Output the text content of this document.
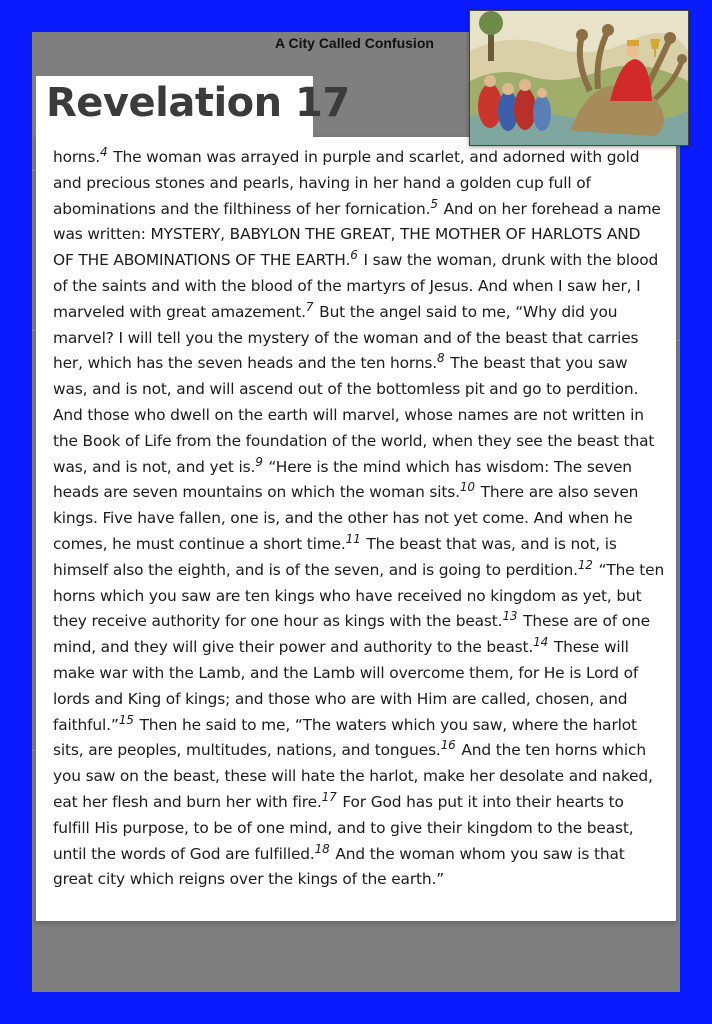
A City Called Confusion
Revelation 17

horns.$^4$ The woman was arrayed in purple and scarlet, and adorned with gold and precious stones and pearls, having in her hand a golden cup full of abominations and the filthiness of her fornication.$^5$ And on her forehead a name was written: MYSTERY, BABYLON THE GREAT, THE MOTHER OF HARLOTS AND OF THE ABOMINATIONS OF THE EARTH.$^6$ I saw the woman, drunk with the blood of the saints and with the blood of the martyrs of Jesus. And when I saw her, I marveled with great amazement.$^7$ But the angel said to me, “Why did you marvel? I will tell you the mystery of the woman and of the beast that carries her, which has the seven heads and the ten horns.$^8$ The beast that you saw was, and is not, and will ascend out of the bottomless pit and go to perdition. And those who dwell on the earth will marvel, whose names are not written in the Book of Life from the foundation of the world, when they see the beast that was, and is not, and yet is.$^9$ “Here is the mind which has wisdom: The seven heads are seven mountains on which the woman sits.$^{10}$ There are also seven kings. Five have fallen, one is, and the other has not yet come. And when he comes, he must continue a short time.$^{11}$ The beast that was, and is not, is himself also the eighth, and is of the seven, and is going to perdition.$^{12}$ “The ten horns which you saw are ten kings who have received no kingdom as yet, but they receive authority for one hour as kings with the beast.$^{13}$ These are of one mind, and they will give their power and authority to the beast.$^{14}$ These will make war with the Lamb, and the Lamb will overcome them, for He is Lord of lords and King of kings; and those who are with Him are called, chosen, and faithful.”$^{15}$ Then he said to me, “The waters which you saw, where the harlot sits, are peoples, multitudes, nations, and tongues.$^{16}$ And the ten horns which you saw on the beast, these will hate the harlot, make her desolate and naked, eat her flesh and burn her with fire.$^{17}$ For God has put it into their hearts to fulfill His purpose, to be of one mind, and to give their kingdom to the beast, until the words of God are fulfilled.$^{18}$ And the woman whom you saw is that great city which reigns over the kings of the earth.”
